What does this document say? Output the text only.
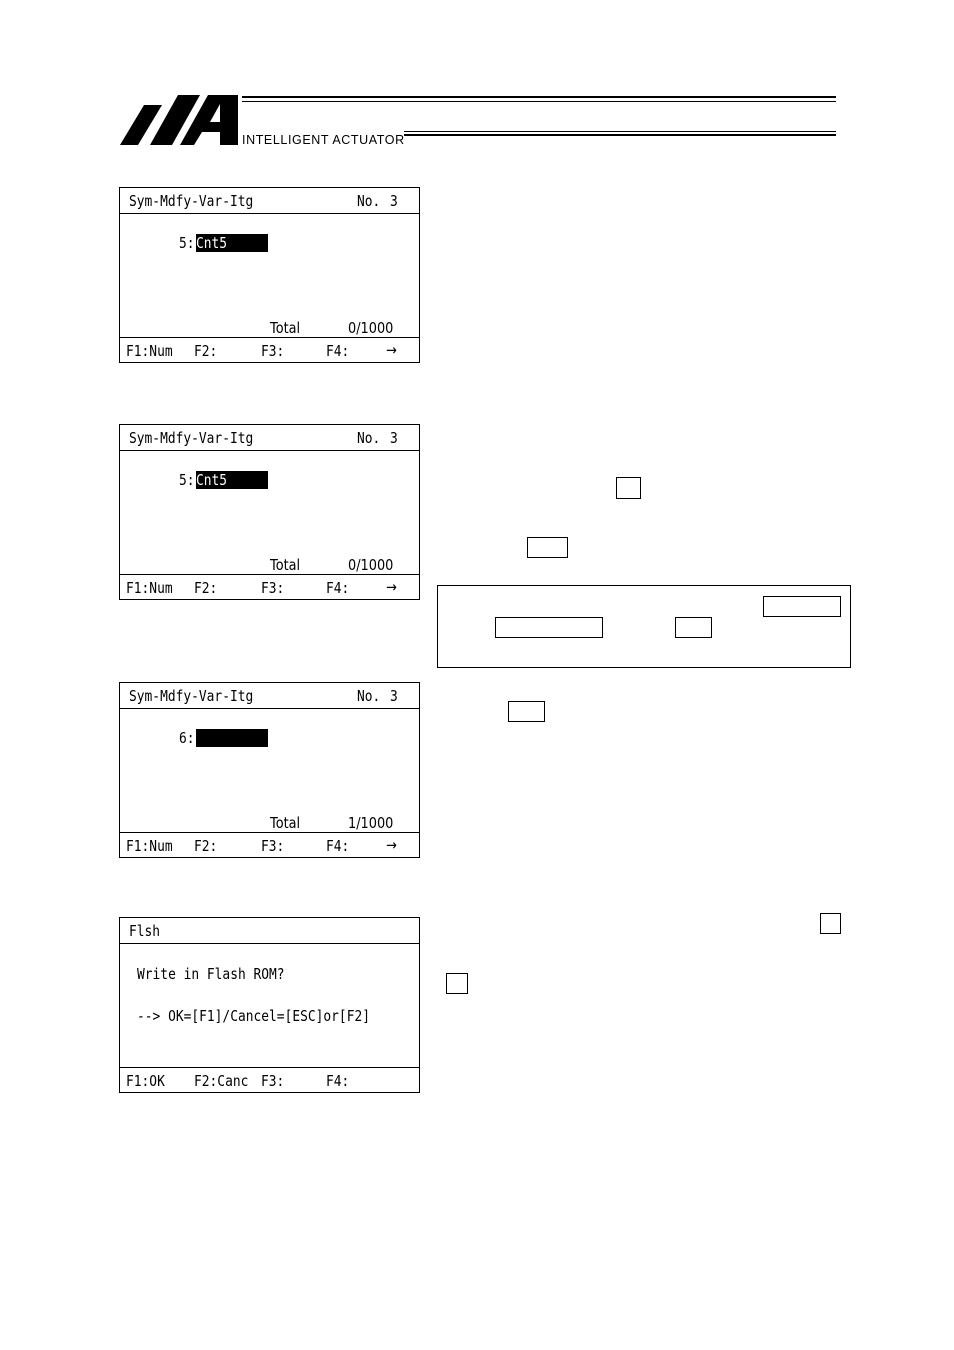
INTELLIGENT ACTUATOR
Sym-Mdfy-Var-Itg	No. 3
5: Cnt5
Total	0/1000
F1:Num F2:	F3:	F4: →
Sym-Mdfy-Var-Itg	No. 3
5: Cnt5
Total	0/1000
F1:Num F2:	F3:	F4: →
Sym-Mdfy-Var-Itg	No. 3
6:
Total	1/1000
F1:Num F2:	F3:	F4: →
Flsh
Write in Flash ROM?
--> OK=[F1]/Cancel=[ESC]or[F2]
F1:OK F2:Canc F3:	F4:
